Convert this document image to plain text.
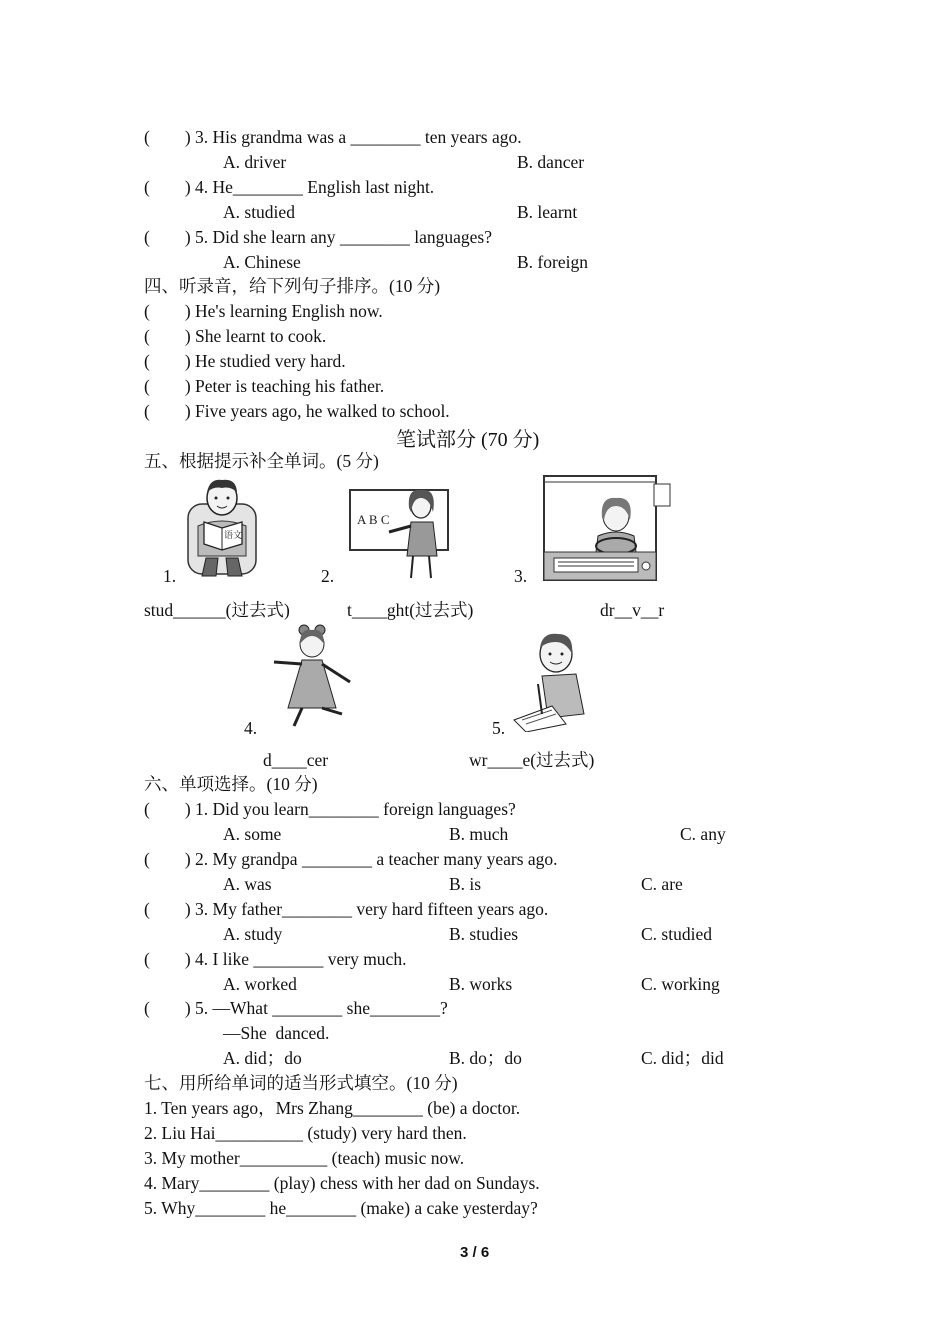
(        ) 3. His grandma was a ________ ten years ago.
A. driver	B. dancer
(        ) 4. He________ English last night.
A. studied	B. learnt
(        ) 5. Did she learn any ________ languages?
A. Chinese	B. foreign
四、听录音，给下列句子排序。(10 分)
(        ) He's learning English now.
(        ) She learnt to cook.
(        ) He studied very hard.
(        ) Peter is teaching his father.
(        ) Five years ago, he walked to school.
笔试部分 (70 分)
五、根据提示补全单词。(5 分)
语文
1.
A B C
2.	3.
stud______(过去式)	t____ght(过去式)	dr__v__r
4.	5.
d____cer	wr____e(过去式)
六、单项选择。(10 分)
(        ) 1. Did you learn________ foreign languages?
A. some	B. much	C. any
(        ) 2. My grandpa ________ a teacher many years ago.
A. was	B. is	C. are
(        ) 3. My father________ very hard fifteen years ago.
A. study	B. studies	C. studied
(        ) 4. I like ________ very much.
A. worked	B. works	C. working
(        ) 5. —What ________ she________?
—She  danced.
A. did；do	B. do；do	C. did；did
七、用所给单词的适当形式填空。(10 分)
1. Ten years ago，Mrs Zhang________ (be) a doctor.
2. Liu Hai__________ (study) very hard then.
3. My mother__________ (teach) music now.
4. Mary________ (play) chess with her dad on Sundays.
5. Why________ he________ (make) a cake yesterday?
3 / 6
